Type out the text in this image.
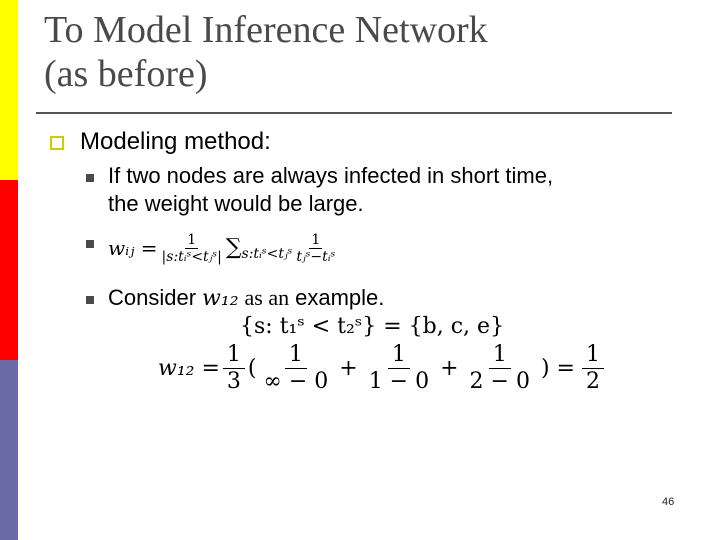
To Model Inference Network
(as before)
Modeling method:
If two nodes are always infected in short time,
the weight would be large.
wᵢⱼ = $\frac{1}{\text{|s:tᵢˢ<tⱼˢ|}}$ ∑ s:tᵢˢ<tⱼˢ $\frac{1}{\text{tⱼˢ−tᵢˢ}}$
Consider w₁₂ as an example.
{s: t₁ˢ < t₂ˢ} = {b, c, e}
$w_{12} = \frac{1}{3}$ ( $\frac{1}{\infty - 0} + \frac{1}{1 - 0} + \frac{1}{2 - 0}$ ) = $\frac{1}{2}$
46
